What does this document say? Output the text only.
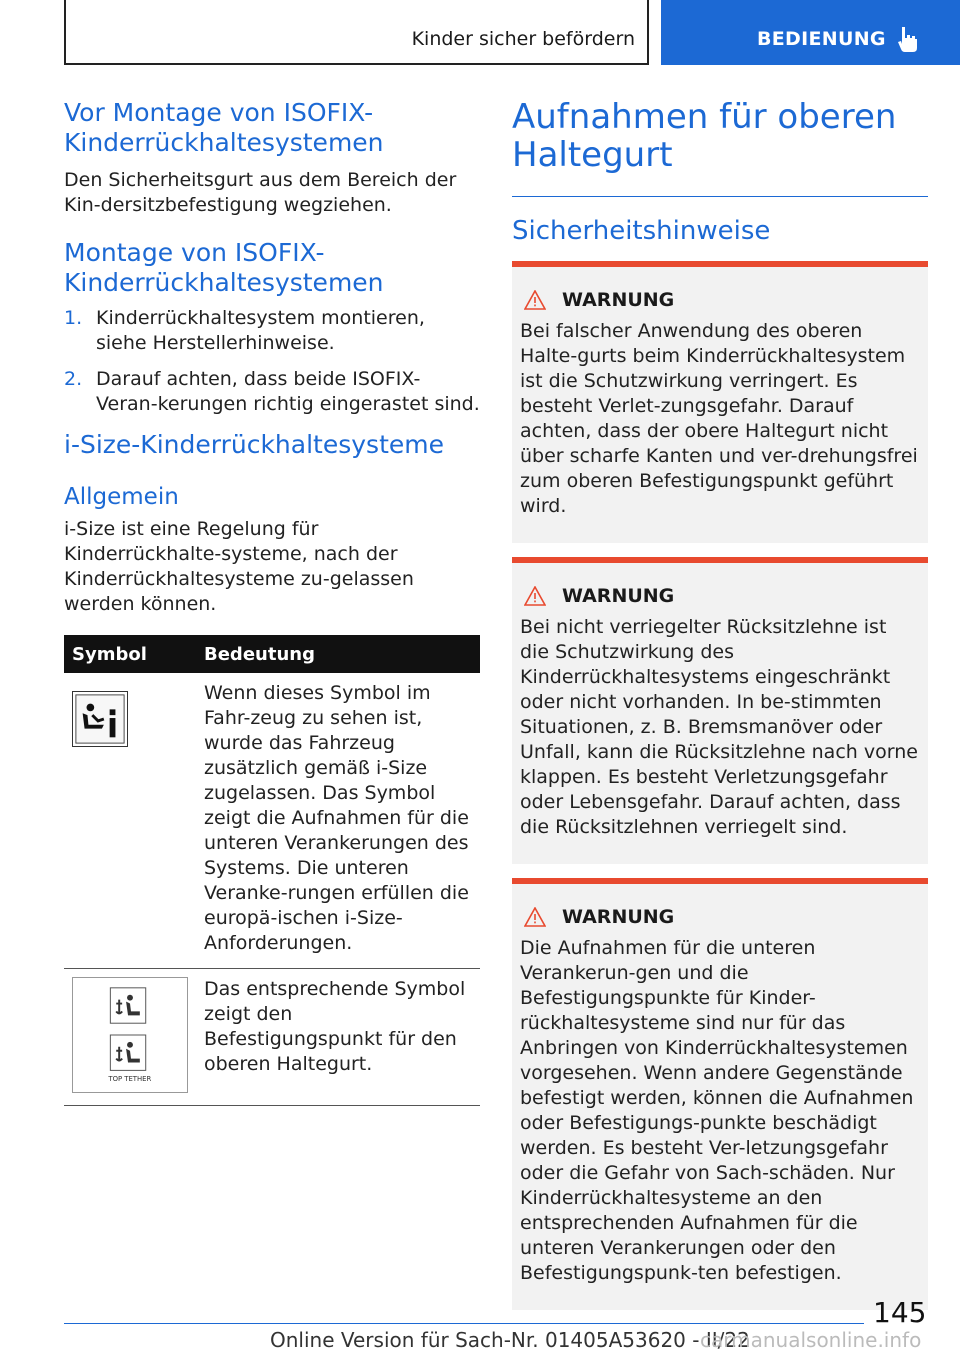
Kinder sicher befördern	BEDIENUNG
Vor Montage von ISOFIX-Kinderrückhaltesystemen

Den Sicherheitsgurt aus dem Bereich der Kin-dersitzbefestigung wegziehen.

Montage von ISOFIX-Kinderrückhaltesystemen
1. Kinderrückhaltesystem montieren, siehe Herstellerhinweise.
2. Darauf achten, dass beide ISOFIX-Veran-kerungen richtig eingerastet sind.
i-Size-Kinderrückhaltesysteme
Allgemein

i-Size ist eine Regelung für Kinderrückhalte-systeme, nach der Kinderrückhaltesysteme zu-gelassen werden können.

Symbol	Bedeutung

	Wenn dieses Symbol im Fahr-zeug zu sehen ist, wurde das Fahrzeug zusätzlich gemäß i-Size zugelassen. Das Symbol zeigt die Aufnahmen für die unteren Verankerungen des Systems. Die unteren Veranke-rungen erfüllen die europä-ischen i-Size-Anforderungen.

TOP TETHER	Das entsprechende Symbol zeigt den Befestigungspunkt für den oberen Haltegurt.
Aufnahmen für oberen Haltegurt
Sicherheitshinweise
WARNUNG

Bei falscher Anwendung des oberen Halte-gurts beim Kinderrückhaltesystem ist die Schutzwirkung verringert. Es besteht Verlet-zungsgefahr. Darauf achten, dass der obere Haltegurt nicht über scharfe Kanten und ver-drehungsfrei zum oberen Befestigungspunkt geführt wird.

WARNUNG

Bei nicht verriegelter Rücksitzlehne ist die Schutzwirkung des Kinderrückhaltesystems eingeschränkt oder nicht vorhanden. In be-stimmten Situationen, z. B. Bremsmanöver oder Unfall, kann die Rücksitzlehne nach vorne klappen. Es besteht Verletzungsgefahr oder Lebensgefahr. Darauf achten, dass die Rücksitzlehnen verriegelt sind.

WARNUNG

Die Aufnahmen für die unteren Verankerun-gen und die Befestigungspunkte für Kinder-rückhaltesysteme sind nur für das Anbringen von Kinderrückhaltesystemen vorgesehen. Wenn andere Gegenstände befestigt werden, können die Aufnahmen oder Befestigungs-punkte beschädigt werden. Es besteht Ver-letzungsgefahr oder die Gefahr von Sach-schäden. Nur Kinderrückhaltesysteme an den entsprechenden Aufnahmen für die unteren Verankerungen oder den Befestigungspunk-ten befestigen.

145
Online Version für Sach-Nr. 01405A53620 - II/22
carmanualsonline.info
